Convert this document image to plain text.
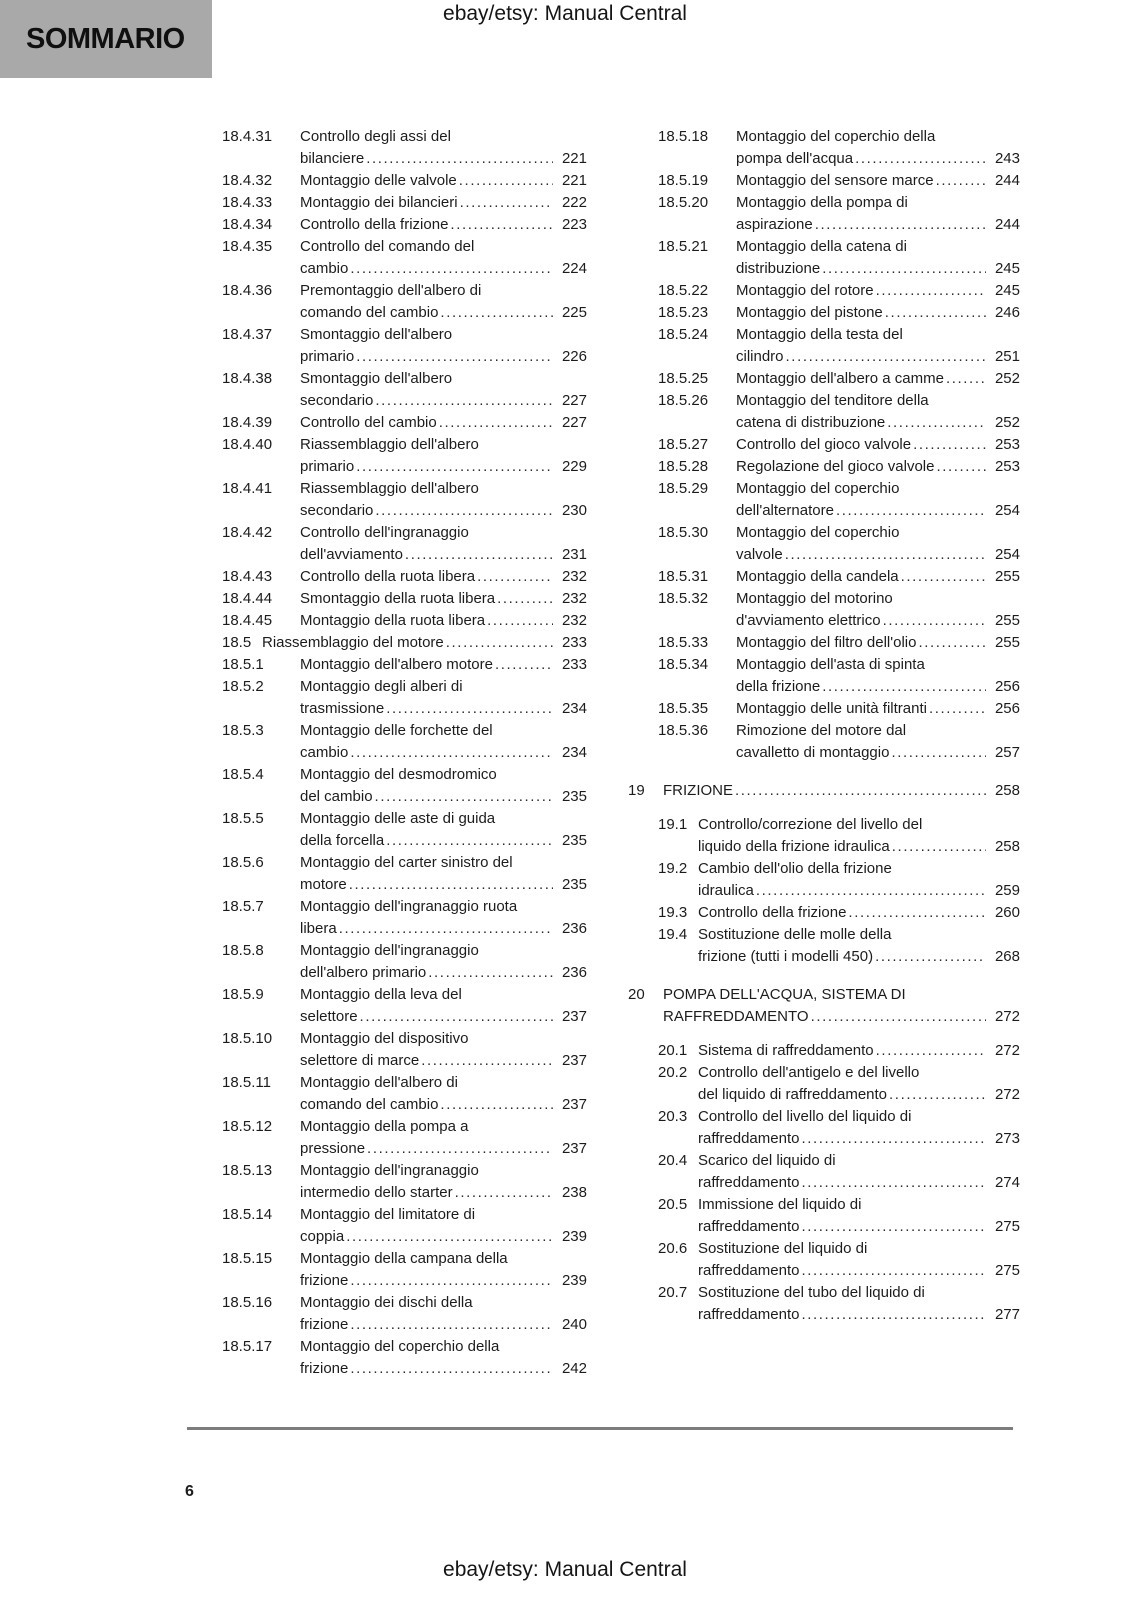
SOMMARIO
ebay/etsy: Manual Central
18.4.31	Controllo degli assi del
bilanciere .....	221
18.4.32	Montaggio delle valvole .....	221
18.4.33	Montaggio dei bilancieri .....	222
18.4.34	Controllo della frizione .....	223
18.4.35	Controllo del comando del
cambio .....	224
18.4.36	Premontaggio dell'albero di
comando del cambio .....	225
18.4.37	Smontaggio dell'albero
primario .....	226
18.4.38	Smontaggio dell'albero
secondario .....	227
18.4.39	Controllo del cambio .....	227
18.4.40	Riassemblaggio dell'albero
primario .....	229
18.4.41	Riassemblaggio dell'albero
secondario .....	230
18.4.42	Controllo dell'ingranaggio
dell'avviamento .....	231
18.4.43	Controllo della ruota libera .....	232
18.4.44	Smontaggio della ruota libera .....	232
18.4.45	Montaggio della ruota libera .....	232
18.5 Riassemblaggio del motore .....	233
18.5.1	Montaggio dell'albero motore .....	233
18.5.2	Montaggio degli alberi di
trasmissione .....	234
18.5.3	Montaggio delle forchette del
cambio .....	234
18.5.4	Montaggio del desmodromico
del cambio .....	235
18.5.5	Montaggio delle aste di guida
della forcella .....	235
18.5.6	Montaggio del carter sinistro del
motore .....	235
18.5.7	Montaggio dell'ingranaggio ruota
libera .....	236
18.5.8	Montaggio dell'ingranaggio
dell'albero primario .....	236
18.5.9	Montaggio della leva del
selettore .....	237
18.5.10	Montaggio del dispositivo
selettore di marce .....	237
18.5.11	Montaggio dell'albero di
comando del cambio .....	237
18.5.12	Montaggio della pompa a
pressione .....	237
18.5.13	Montaggio dell'ingranaggio
intermedio dello starter .....	238
18.5.14	Montaggio del limitatore di
coppia .....	239
18.5.15	Montaggio della campana della
frizione .....	239
18.5.16	Montaggio dei dischi della
frizione .....	240
18.5.17	Montaggio del coperchio della
frizione .....	242
18.5.18	Montaggio del coperchio della
pompa dell'acqua .....	243
18.5.19	Montaggio del sensore marce .....	244
18.5.20	Montaggio della pompa di
aspirazione .....	244
18.5.21	Montaggio della catena di
distribuzione .....	245
18.5.22	Montaggio del rotore .....	245
18.5.23	Montaggio del pistone .....	246
18.5.24	Montaggio della testa del
cilindro .....	251
18.5.25	Montaggio dell'albero a camme .....	252
18.5.26	Montaggio del tenditore della
catena di distribuzione .....	252
18.5.27	Controllo del gioco valvole .....	253
18.5.28	Regolazione del gioco valvole .....	253
18.5.29	Montaggio del coperchio
dell'alternatore .....	254
18.5.30	Montaggio del coperchio
valvole .....	254
18.5.31	Montaggio della candela .....	255
18.5.32	Montaggio del motorino
d'avviamento elettrico .....	255
18.5.33	Montaggio del filtro dell'olio .....	255
18.5.34	Montaggio dell'asta di spinta
della frizione .....	256
18.5.35	Montaggio delle unità filtranti .....	256
18.5.36	Rimozione del motore dal
cavalletto di montaggio .....	257
19	FRIZIONE .....	258
19.1 Controllo/correzione del livello del
liquido della frizione idraulica .....	258
19.2 Cambio dell'olio della frizione
idraulica .....	259
19.3 Controllo della frizione .....	260
19.4 Sostituzione delle molle della
frizione (tutti i modelli 450) .....	268
20	POMPA DELL'ACQUA, SISTEMA DI
RAFFREDDAMENTO .....	272
20.1 Sistema di raffreddamento .....	272
20.2 Controllo dell'antigelo e del livello
del liquido di raffreddamento .....	272
20.3 Controllo del livello del liquido di
raffreddamento .....	273
20.4 Scarico del liquido di
raffreddamento .....	274
20.5 Immissione del liquido di
raffreddamento .....	275
20.6 Sostituzione del liquido di
raffreddamento .....	275
20.7 Sostituzione del tubo del liquido di
raffreddamento .....	277
6
ebay/etsy: Manual Central
